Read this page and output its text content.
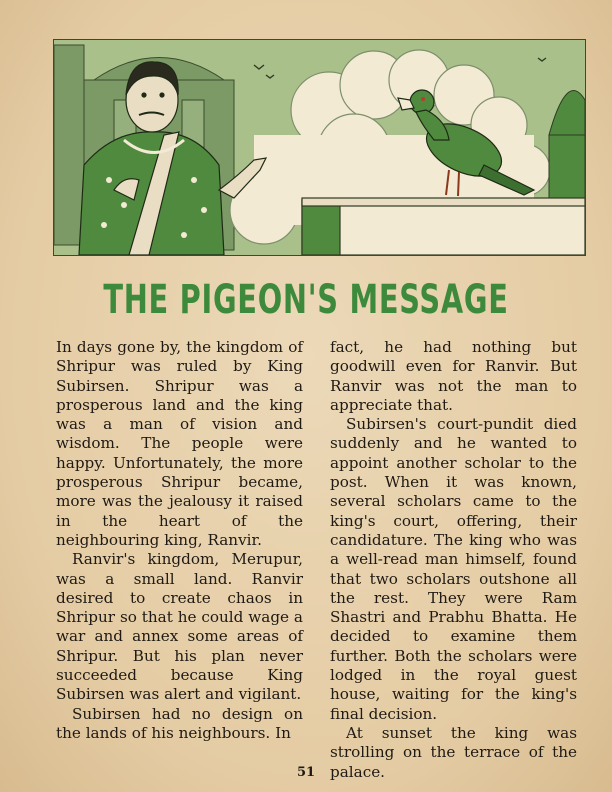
THE PIGEON'S MESSAGE

In days gone by, the kingdom of Shripur was ruled by King Subirsen. Shripur was a prosperous land and the king was a man of vision and wisdom. The people were happy. Unfortunately, the more prosperous Shripur became, more was the jealousy it raised in the heart of the neighbouring king, Ranvir.

Ranvir's kingdom, Merupur, was a small land. Ranvir desired to create chaos in Shripur so that he could wage a war and annex some areas of Shripur. But his plan never succeeded because King Subirsen was alert and vigilant.

Subirsen had no design on the lands of his neighbours. In

fact, he had nothing but goodwill even for Ranvir. But Ranvir was not the man to appreciate that.

Subirsen's court-pundit died suddenly and he wanted to appoint another scholar to the post. When it was known, several scholars came to the king's court, offering, their candidature. The king who was a well-read man himself, found that two scholars outshone all the rest. They were Ram Shastri and Prabhu Bhatta. He decided to examine them further. Both the scholars were lodged in the royal guest house, waiting for the king's final decision.

At sunset the king was strolling on the terrace of the palace.

51
